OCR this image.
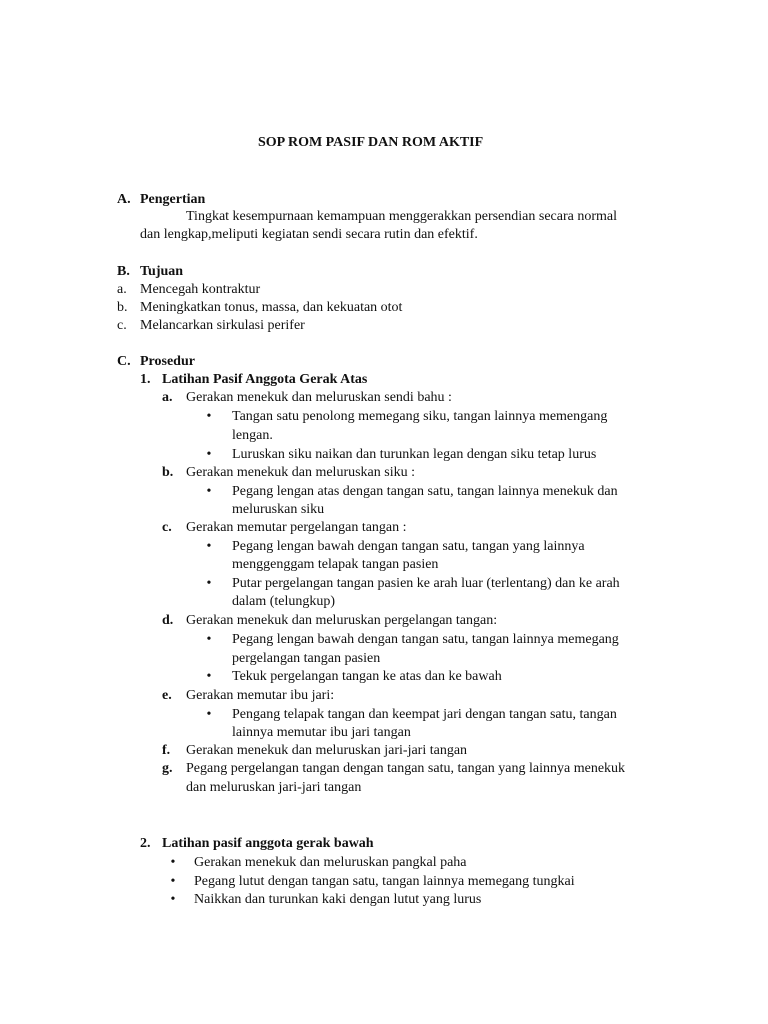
SOP ROM PASIF DAN ROM AKTIF
A. Pengertian
Tingkat kesempurnaan kemampuan menggerakkan persendian secara normal
dan lengkap,meliputi kegiatan sendi secara rutin dan efektif.
B. Tujuan
a. Mencegah kontraktur
b. Meningkatkan tonus, massa, dan kekuatan otot
c. Melancarkan sirkulasi perifer
C. Prosedur
1. Latihan Pasif Anggota Gerak Atas
a. Gerakan menekuk dan meluruskan sendi bahu :
•	Tangan satu penolong memegang siku, tangan lainnya memengang
lengan.
•	Luruskan siku naikan dan turunkan legan dengan siku tetap lurus
b. Gerakan menekuk dan meluruskan siku :
•	Pegang lengan atas dengan tangan satu, tangan lainnya menekuk dan
meluruskan siku
c. Gerakan memutar pergelangan tangan :
•	Pegang lengan bawah dengan tangan satu, tangan yang lainnya
menggenggam telapak tangan pasien
•	Putar pergelangan tangan pasien ke arah luar (terlentang) dan ke arah
dalam (telungkup)
d. Gerakan menekuk dan meluruskan pergelangan tangan:
•	Pegang lengan bawah dengan tangan satu, tangan lainnya memegang
pergelangan tangan pasien
•	Tekuk pergelangan tangan ke atas dan ke bawah
e. Gerakan memutar ibu jari:
•	Pengang telapak tangan dan keempat jari dengan tangan satu, tangan
lainnya memutar ibu jari tangan
f. Gerakan menekuk dan meluruskan jari-jari tangan
g. Pegang pergelangan tangan dengan tangan satu, tangan yang lainnya menekuk
dan meluruskan jari-jari tangan
2. Latihan pasif anggota gerak bawah
•	Gerakan menekuk dan meluruskan pangkal paha
•	Pegang lutut dengan tangan satu, tangan lainnya memegang tungkai
•	Naikkan dan turunkan kaki dengan lutut yang lurus
